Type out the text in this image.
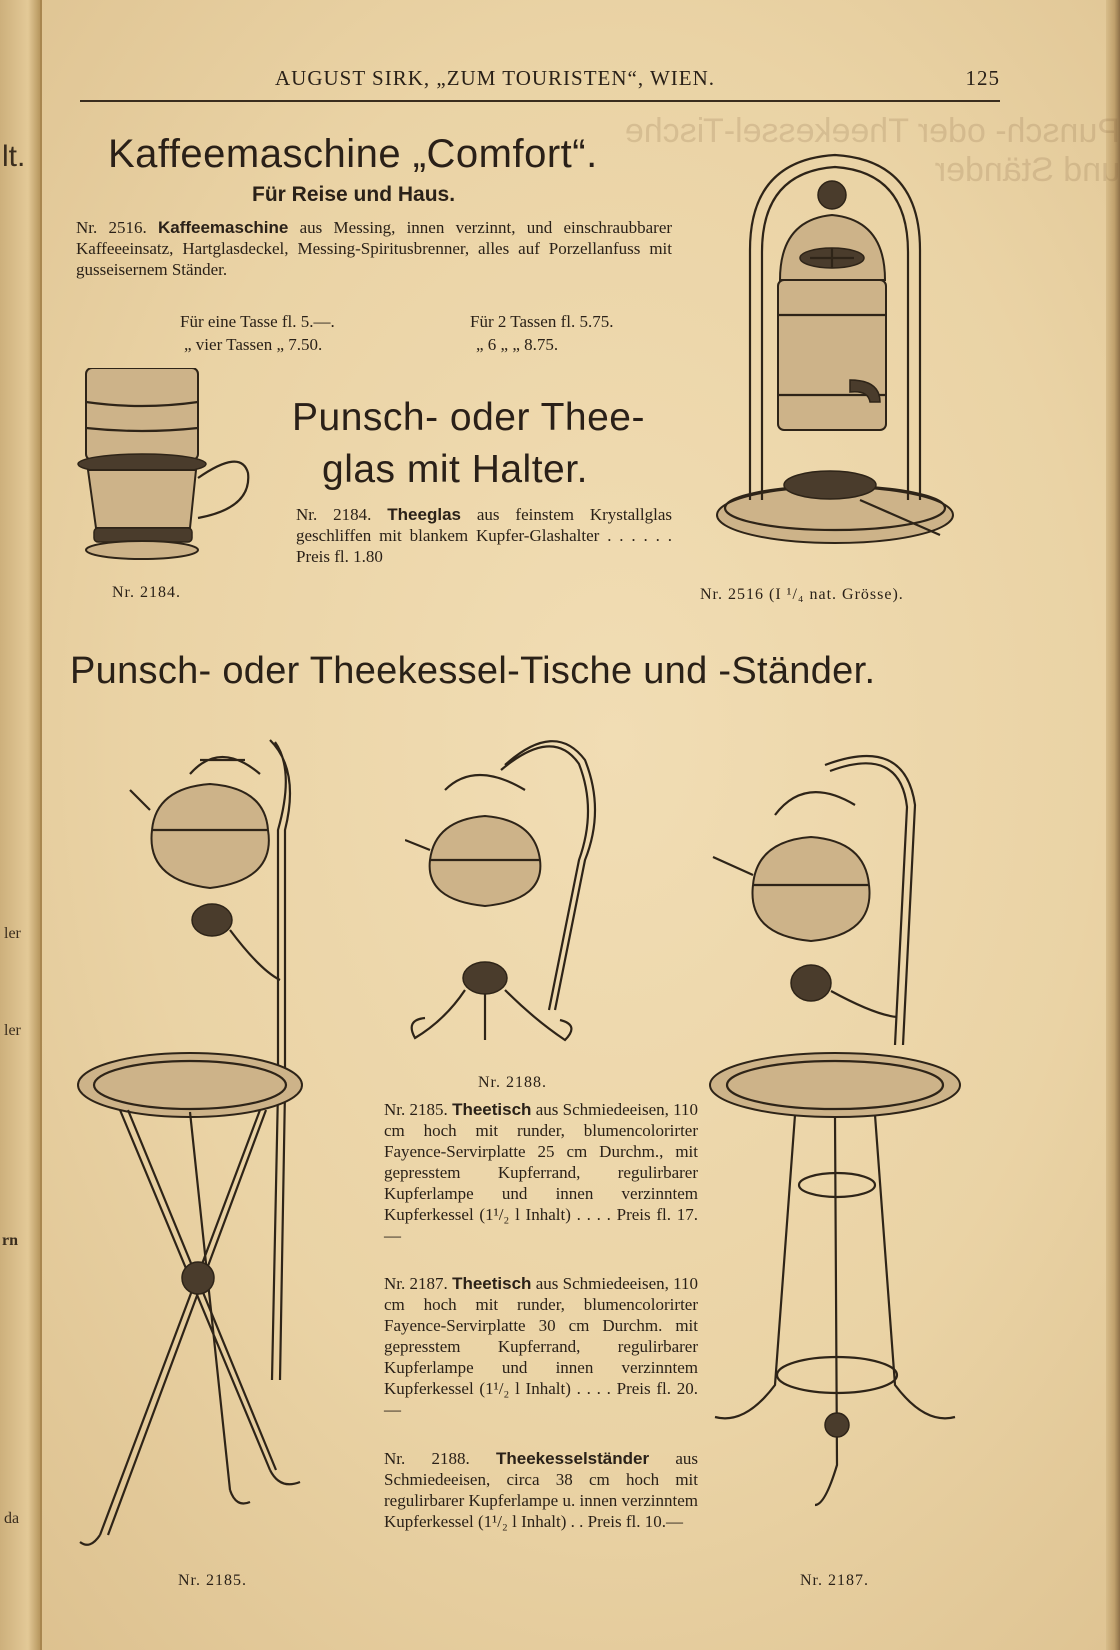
lt.
ler
ler
rn
da
Punsch- oder Theekessel-Tische und Ständer
AUGUST SIRK, „ZUM TOURISTEN“, WIEN.	125
Kaffeemaschine „Comfort“.
Für Reise und Haus.
Nr. 2516. Kaffeemaschine aus Messing, innen verzinnt, und einschraubbarer Kaffeeeinsatz, Hartglasdeckel, Messing-Spiritusbrenner, alles auf Porzellanfuss mit gusseisernem Ständer.
Für eine Tasse fl. 5.—.	Für 2 Tassen fl. 5.75.
„ vier Tassen „ 7.50.	„ 6 „ „ 8.75.
Punsch- oder Thee-
glas mit Halter.
Nr. 2184. Theeglas aus feinstem Krystallglas geschliffen mit blankem Kupfer-Glashalter . . . . . . Preis fl. 1.80
Nr. 2184.	Nr. 2516 (I ¹/₄ nat. Grösse).
Punsch- oder Theekessel-Tische und -Ständer.
Nr. 2185.
Nr. 2188.
Nr. 2187.
Nr. 2185. Theetisch aus Schmiedeeisen, 110 cm hoch mit runder, blumencolorirter Fayence-Servirplatte 25 cm Durchm., mit gepresstem Kupferrand, regulirbarer Kupferlampe und innen verzinntem Kupferkessel (1¹/₂ l Inhalt) . . . . Preis fl. 17.—
Nr. 2187. Theetisch aus Schmiedeeisen, 110 cm hoch mit runder, blumencolorirter Fayence-Servirplatte 30 cm Durchm. mit gepresstem Kupferrand, regulirbarer Kupferlampe und innen verzinntem Kupferkessel (1¹/₂ l Inhalt) . . . . Preis fl. 20.—
Nr. 2188. Theekesselständer aus Schmiedeeisen, circa 38 cm hoch mit regulirbarer Kupferlampe u. innen verzinntem Kupferkessel (1¹/₂ l Inhalt) . . Preis fl. 10.—
